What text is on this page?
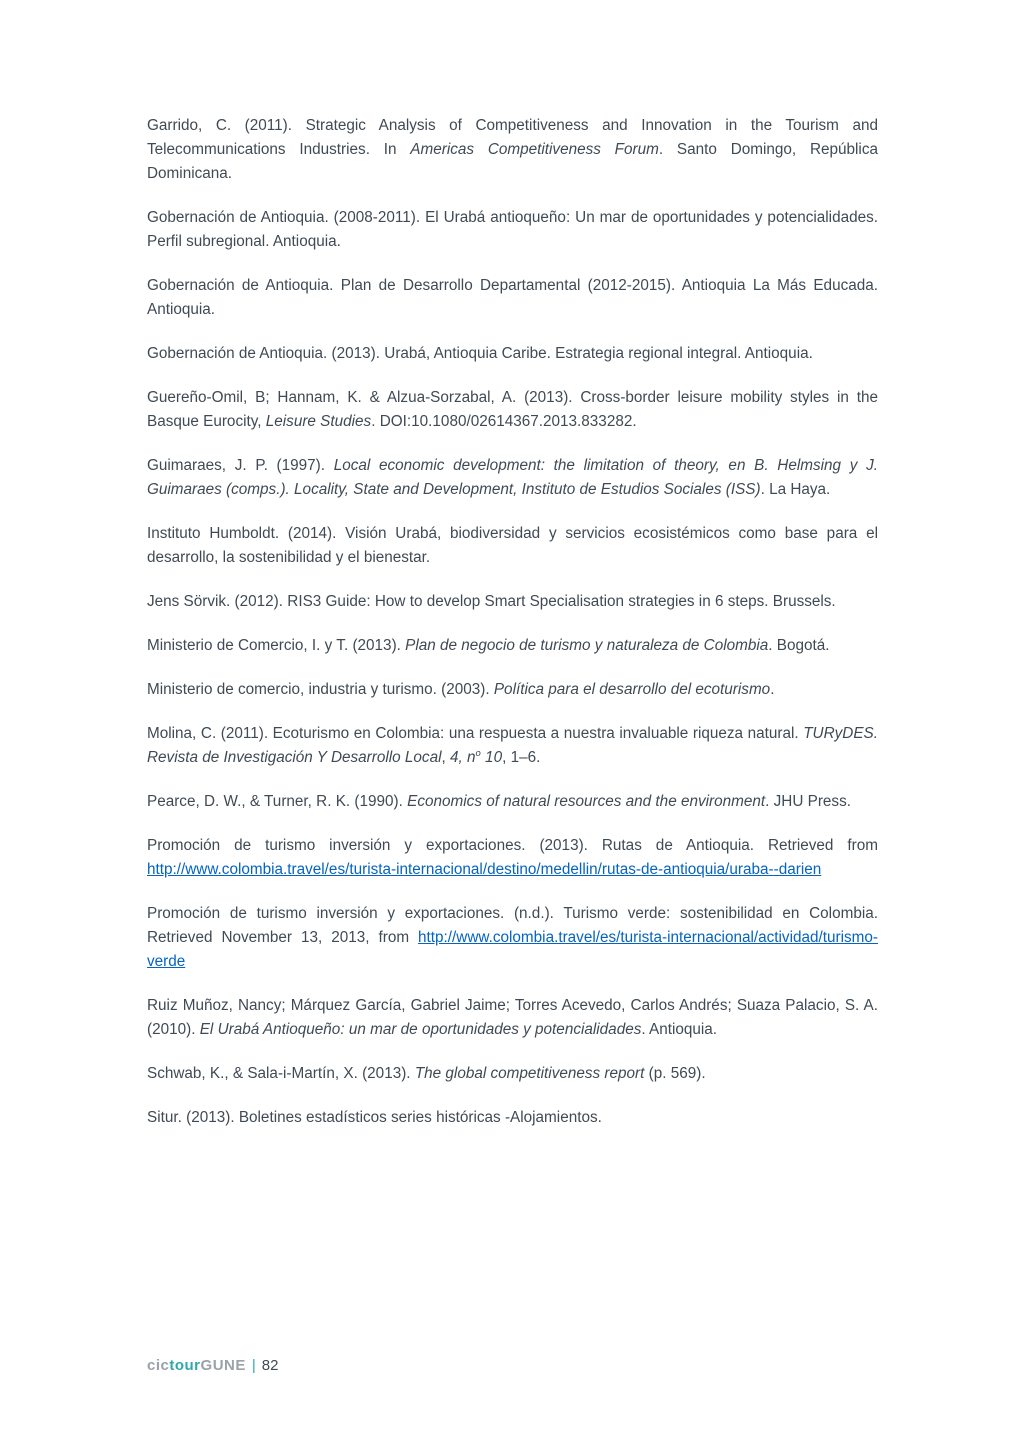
Garrido, C. (2011). Strategic Analysis of Competitiveness and Innovation in the Tourism and Telecommunications Industries. In Americas Competitiveness Forum. Santo Domingo, República Dominicana.

Gobernación de Antioquia. (2008-2011). El Urabá antioqueño: Un mar de oportunidades y potencialidades. Perfil subregional. Antioquia.

Gobernación de Antioquia. Plan de Desarrollo Departamental (2012-2015). Antioquia La Más Educada. Antioquia.

Gobernación de Antioquia. (2013). Urabá, Antioquia Caribe. Estrategia regional integral. Antioquia.

Guereño-Omil, B; Hannam, K. & Alzua-Sorzabal, A. (2013). Cross-border leisure mobility styles in the Basque Eurocity, Leisure Studies. DOI:10.1080/02614367.2013.833282.

Guimaraes, J. P. (1997). Local economic development: the limitation of theory, en B. Helmsing y J. Guimaraes (comps.). Locality, State and Development, Instituto de Estudios Sociales (ISS). La Haya.

Instituto Humboldt. (2014). Visión Urabá, biodiversidad y servicios ecosistémicos como base para el desarrollo, la sostenibilidad y el bienestar.

Jens Sörvik. (2012). RIS3 Guide: How to develop Smart Specialisation strategies in 6 steps. Brussels.

Ministerio de Comercio, I. y T. (2013). Plan de negocio de turismo y naturaleza de Colombia. Bogotá.

Ministerio de comercio, industria y turismo. (2003). Política para el desarrollo del ecoturismo.

Molina, C. (2011). Ecoturismo en Colombia: una respuesta a nuestra invaluable riqueza natural. TURyDES. Revista de Investigación Y Desarrollo Local, 4, $n^o$ 10, 1–6.

Pearce, D. W., & Turner, R. K. (1990). Economics of natural resources and the environment. JHU Press.

Promoción de turismo inversión y exportaciones. (2013). Rutas de Antioquia. Retrieved from http://www.colombia.travel/es/turista-internacional/destino/medellin/rutas-de-antioquia/uraba--darien

Promoción de turismo inversión y exportaciones. (n.d.). Turismo verde: sostenibilidad en Colombia. Retrieved November 13, 2013, from http://www.colombia.travel/es/turista-internacional/actividad/turismo-verde

Ruiz Muñoz, Nancy; Márquez García, Gabriel Jaime; Torres Acevedo, Carlos Andrés; Suaza Palacio, S. A. (2010). El Urabá Antioqueño: un mar de oportunidades y potencialidades. Antioquia.

Schwab, K., & Sala-i-Martín, X. (2013). The global competitiveness report (p. 569).

Situr. (2013). Boletines estadísticos series históricas -Alojamientos.

cictourGUNE | 82
